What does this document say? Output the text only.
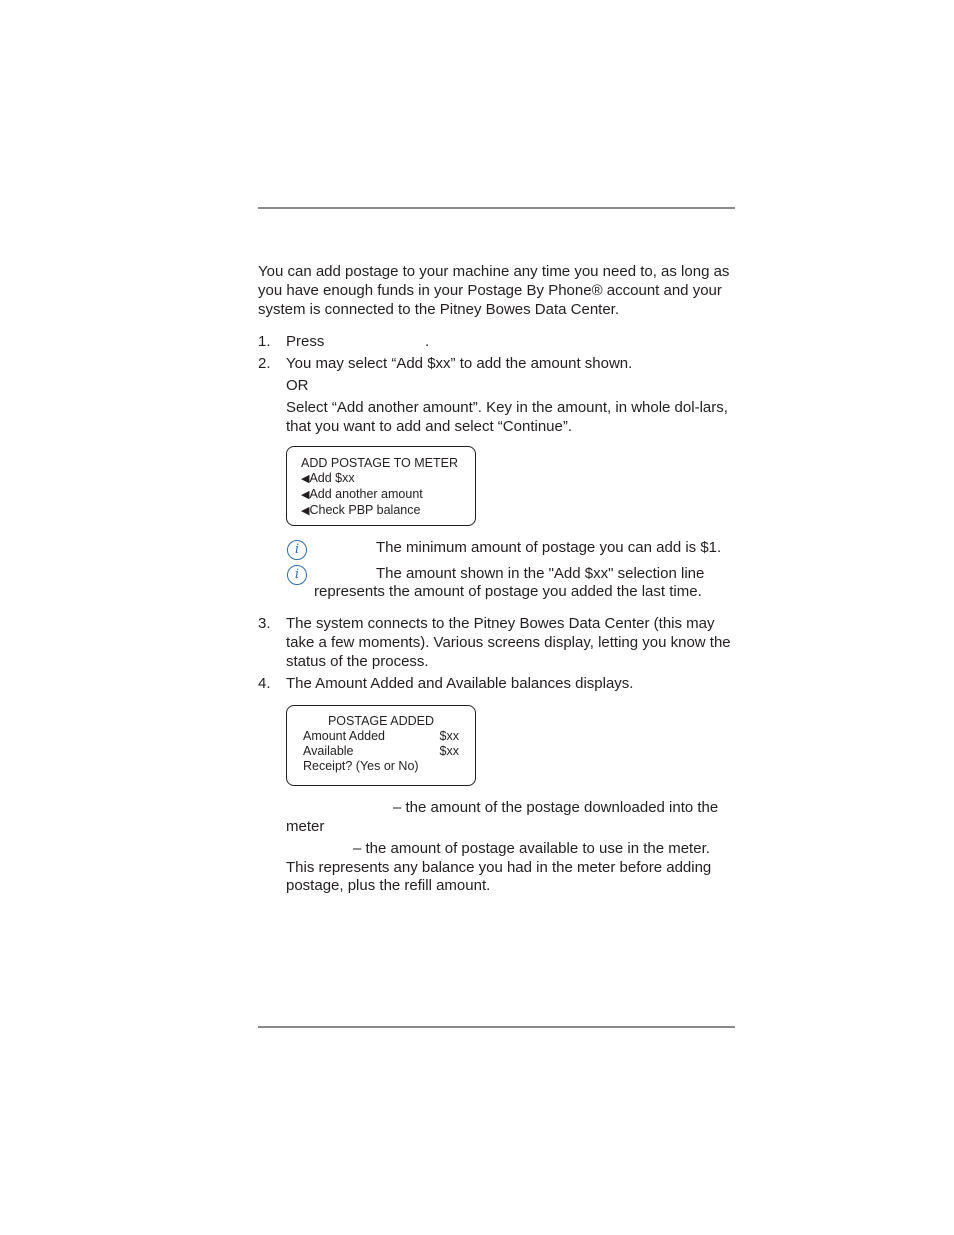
You can add postage to your machine any time you need to, as long as you have enough funds in your Postage By Phone® account and your system is connected to the Pitney Bowes Data Center.
1. Press	.
2. You may select “Add $xx” to add the amount shown.
OR
Select “Add another amount”. Key in the amount, in whole dol-lars, that you want to add and select “Continue”.
ADD POSTAGE TO METER
◀Add $xx
◀Add another amount
◀Check PBP balance
i	The minimum amount of postage you can add is $1.
i	The amount shown in the "Add $xx" selection line
represents the amount of postage you added the last time.
3. The system connects to the Pitney Bowes Data Center (this may take a few moments). Various screens display, letting you know the status of the process.
4. The Amount Added and Available balances displays.
POSTAGE ADDED
Amount Added	$xx
Available	$xx
Receipt? (Yes or No)
– the amount of the postage downloaded into the
meter
– the amount of postage available to use in the meter.
This represents any balance you had in the meter before adding
postage, plus the refill amount.
